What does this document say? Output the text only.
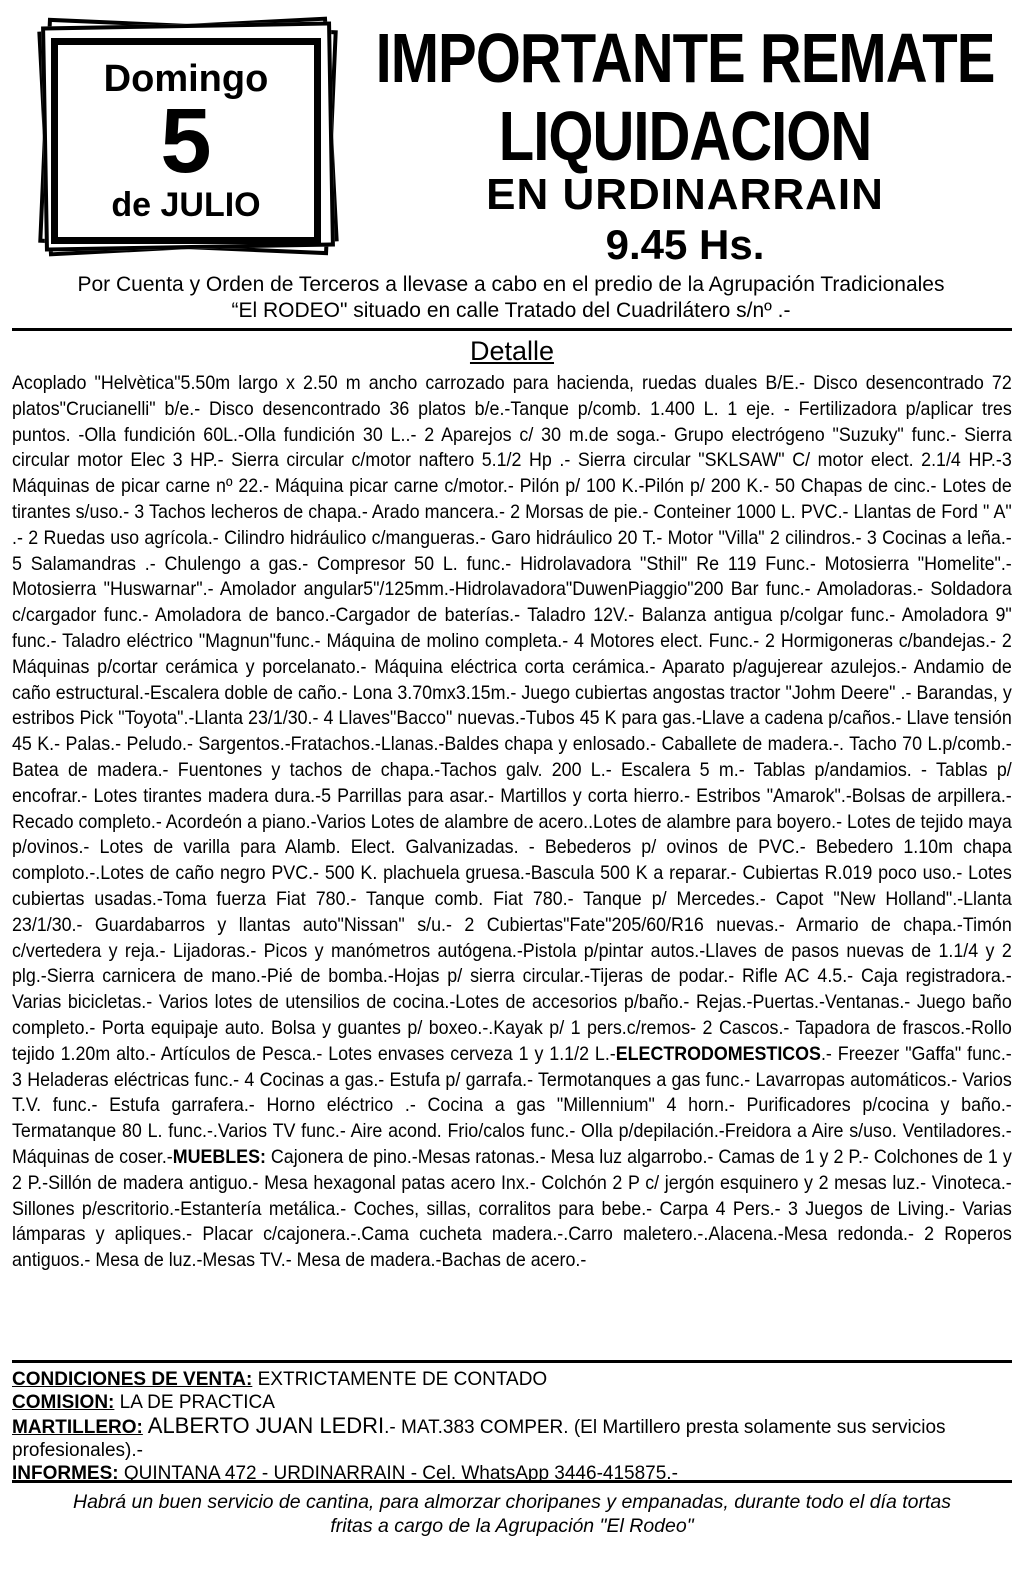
Domingo
5
de JULIO
IMPORTANTE REMATE
LIQUIDACION
EN URDINARRAIN
9.45 Hs.
Por Cuenta y Orden de Terceros a llevase a cabo en el predio de la Agrupación Tradicionales
“El RODEO" situado en calle Tratado del Cuadrilátero s/nº .-
Detalle
Acoplado "Helvètica"5.50m largo x 2.50 m ancho carrozado para hacienda, ruedas duales B/E.- Disco desencontrado 72 platos"Crucianelli" b/e.- Disco desencontrado 36 platos b/e.-Tanque p/comb. 1.400 L. 1 eje. - Fertilizadora p/aplicar tres puntos. -Olla fundición 60L.-Olla fundición 30 L..- 2 Aparejos c/ 30 m.de soga.- Grupo electrógeno "Suzuky" func.- Sierra circular motor Elec 3 HP.- Sierra circular c/motor naftero 5.1/2 Hp .- Sierra circular "SKLSAW" C/ motor elect. 2.1/4 HP.-3 Máquinas de picar carne nº 22.- Máquina picar carne c/motor.- Pilón p/ 100 K.-Pilón p/ 200 K.- 50 Chapas de cinc.- Lotes de tirantes s/uso.- 3 Tachos lecheros de chapa.- Arado mancera.- 2 Morsas de pie.- Conteiner 1000 L. PVC.- Llantas de Ford " A" .- 2 Ruedas uso agrícola.- Cilindro hidráulico c/mangueras.- Garo hidráulico 20 T.- Motor "Villa" 2 cilindros.- 3 Cocinas a leña.- 5 Salamandras .- Chulengo a gas.- Compresor 50 L. func.- Hidrolavadora "Sthil" Re 119 Func.- Motosierra "Homelite".-Motosierra "Huswarnar".- Amolador angular5"/125mm.-Hidrolavadora"DuwenPiaggio"200 Bar func.- Amoladoras.- Soldadora c/cargador func.- Amoladora de banco.-Cargador de baterías.- Taladro 12V.- Balanza antigua p/colgar func.- Amoladora 9" func.- Taladro eléctrico "Magnun"func.- Máquina de molino completa.- 4 Motores elect. Func.- 2 Hormigoneras c/bandejas.- 2 Máquinas p/cortar cerámica y porcelanato.- Máquina eléctrica corta cerámica.- Aparato p/agujerear azulejos.- Andamio de caño estructural.-Escalera doble de caño.- Lona 3.70mx3.15m.- Juego cubiertas angostas tractor "Johm Deere" .- Barandas, y estribos Pick "Toyota".-Llanta 23/1/30.- 4 Llaves"Bacco" nuevas.-Tubos 45 K para gas.-Llave a cadena p/caños.- Llave tensión 45 K.- Palas.- Peludo.- Sargentos.-Fratachos.-Llanas.-Baldes chapa y enlosado.- Caballete de madera.-. Tacho 70 L.p/comb.-Batea de madera.- Fuentones y tachos de chapa.-Tachos galv. 200 L.- Escalera 5 m.- Tablas p/andamios. - Tablas p/ encofrar.- Lotes tirantes madera dura.-5 Parrillas para asar.- Martillos y corta hierro.- Estribos "Amarok".-Bolsas de arpillera.- Recado completo.- Acordeón a piano.-Varios Lotes de alambre de acero..Lotes de alambre para boyero.- Lotes de tejido maya p/ovinos.- Lotes de varilla para Alamb. Elect. Galvanizadas. - Bebederos p/ ovinos de PVC.- Bebedero 1.10m chapa comploto.-.Lotes de caño negro PVC.- 500 K. plachuela gruesa.-Bascula 500 K a reparar.- Cubiertas R.019 poco uso.- Lotes cubiertas usadas.-Toma fuerza Fiat 780.- Tanque comb. Fiat 780.- Tanque p/ Mercedes.- Capot "New Holland".-Llanta 23/1/30.- Guardabarros y llantas auto"Nissan" s/u.- 2 Cubiertas"Fate"205/60/R16 nuevas.- Armario de chapa.-Timón c/vertedera y reja.- Lijadoras.- Picos y manómetros autógena.-Pistola p/pintar autos.-Llaves de pasos nuevas de 1.1/4 y 2 plg.-Sierra carnicera de mano.-Pié de bomba.-Hojas p/ sierra circular.-Tijeras de podar.- Rifle AC 4.5.- Caja registradora.- Varias bicicletas.- Varios lotes de utensilios de cocina.-Lotes de accesorios p/baño.- Rejas.-Puertas.-Ventanas.- Juego baño completo.- Porta equipaje auto. Bolsa y guantes p/ boxeo.-.Kayak p/ 1 pers.c/remos- 2 Cascos.- Tapadora de frascos.-Rollo tejido 1.20m alto.- Artículos de Pesca.- Lotes envases cerveza 1 y 1.1/2 L.-ELECTRODOMESTICOS.- Freezer "Gaffa" func.- 3 Heladeras eléctricas func.- 4 Cocinas a gas.- Estufa p/ garrafa.- Termotanques a gas func.- Lavarropas automáticos.- Varios T.V. func.- Estufa garrafera.- Horno eléctrico .- Cocina a gas "Millennium" 4 horn.- Purificadores p/cocina y baño.- Termatanque 80 L. func.-.Varios TV func.- Aire acond. Frio/calos func.- Olla p/depilación.-Freidora a Aire s/uso. Ventiladores.- Máquinas de coser.-MUEBLES: Cajonera de pino.-Mesas ratonas.- Mesa luz algarrobo.- Camas de 1 y 2 P.- Colchones de 1 y 2 P.-Sillón de madera antiguo.- Mesa hexagonal patas acero Inx.- Colchón 2 P c/ jergón esquinero y 2 mesas luz.- Vinoteca.-Sillones p/escritorio.-Estantería metálica.- Coches, sillas, corralitos para bebe.- Carpa 4 Pers.- 3 Juegos de Living.- Varias lámparas y apliques.- Placar c/cajonera.-.Cama cucheta madera.-.Carro maletero.-.Alacena.-Mesa redonda.- 2 Roperos antiguos.- Mesa de luz.-Mesas TV.- Mesa de madera.-Bachas de acero.-

CONDICIONES DE VENTA: EXTRICTAMENTE DE CONTADO

COMISION: LA DE PRACTICA

MARTILLERO: ALBERTO JUAN LEDRI.- MAT.383 COMPER. (El Martillero presta solamente sus servicios profesionales).-

INFORMES: QUINTANA 472 - URDINARRAIN - Cel. WhatsApp 3446-415875.-

Habrá un buen servicio de cantina, para almorzar choripanes y empanadas, durante todo el día tortas
fritas a cargo de la Agrupación "El Rodeo"
